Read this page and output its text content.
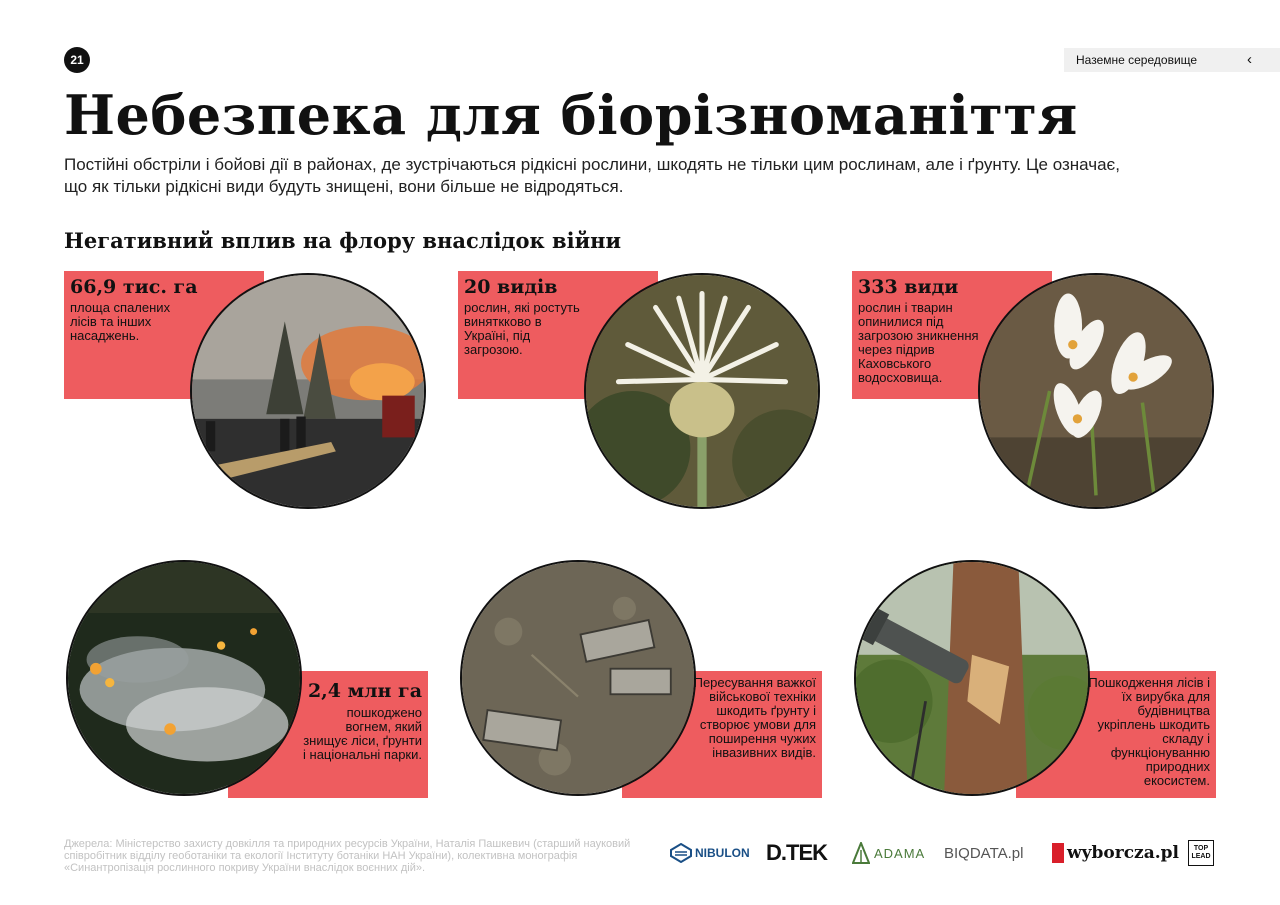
21	Наземне середовище	‹
Небезпека для біорізноманіття

Постійні обстріли і бойові дії в районах, де зустрічаються рідкісні рослини, шкодять не тільки цим рослинам, але і ґрунту. Це означає, що як тільки рідкісні види будуть знищені, вони більше не відродяться.

Негативний вплив на флору внаслідок війни
66,9 тис. га

площа спалених лісів та інших насаджень.

20 видів

рослин, які ростуть виняткково в Україні, під загрозою.

333 види

рослин і тварин опинилися під загрозою зникнення через підрив Каховського водосховища.

2,4 млн га

пошкоджено вогнем, який знищує ліси, ґрунти і національні парки.

Пересування важкої військової техніки шкодить ґрунту і створює умови для поширення чужих інвазивних видів.

Пошкодження лісів і їх вирубка для будівництва укріплень шкодить складу і функціонуванню природних екосистем.

Джерела: Міністерство захисту довкілля та природних ресурсів України, Наталія Пашкевич (старший науковий співробітник відділу геоботаніки та екології Інституту ботаніки НАН України), колективна монографія «Синантропізація рослинного покриву України внаслідок воєнних дій».

NIBULON D.TEK	ADAMA BIQDATA.pl	wyborcza.pl TOP
LEAD
